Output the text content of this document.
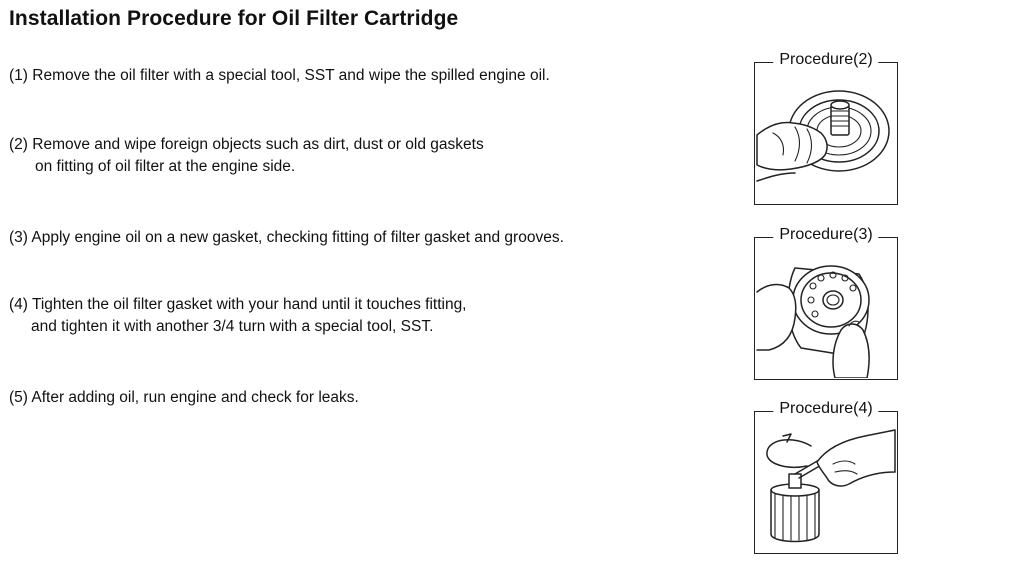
Installation Procedure for Oil Filter Cartridge
(1) Remove the oil filter with a special tool, SST and wipe the spilled engine oil.
(2) Remove and wipe foreign objects such as dirt, dust or old gaskets
on fitting of oil filter at the engine side.
(3) Apply engine oil on a new gasket, checking fitting of filter gasket and grooves.
(4) Tighten the oil filter gasket with your hand until it touches fitting,
and tighten it with another 3/4 turn with a special tool, SST.
(5) After adding oil, run engine and check for leaks.
Procedure(2)
Procedure(3)
Procedure(4)
